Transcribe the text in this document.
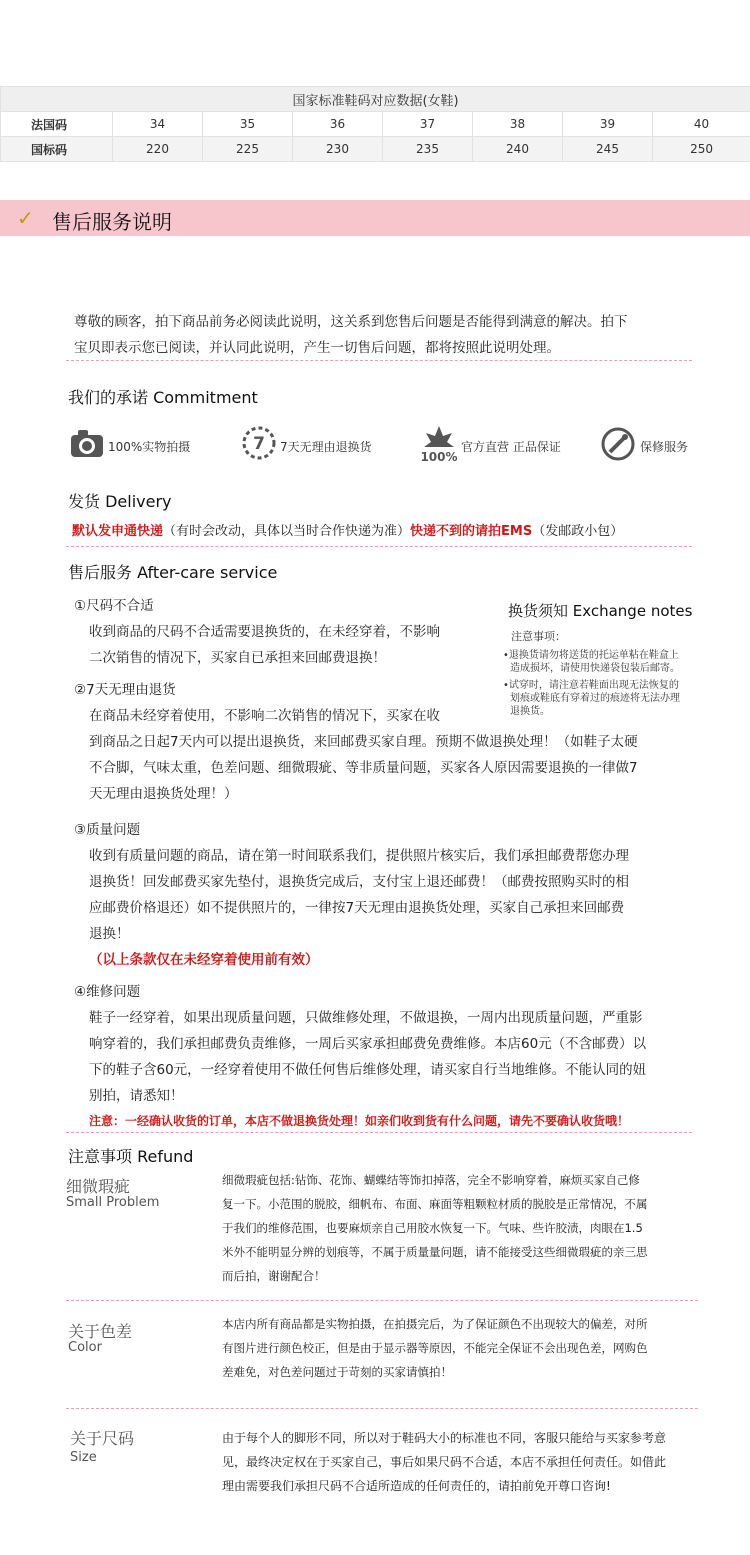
国家标准鞋码对应数据(女鞋)							
法国码	34	35	36	37	38	39	40
国标码	220	225	230	235	240	245	250
✓ 售后服务说明
尊敬的顾客，拍下商品前务必阅读此说明，这关系到您售后问题是否能得到满意的解决。拍下
宝贝即表示您已阅读，并认同此说明，产生一切售后问题，都将按照此说明处理。
我们的承诺 Commitment
100%实物拍摄	7 7天无理由退换货
100%
官方直营 正品保证	保修服务
发货 Delivery
默认发申通快递（有时会改动，具体以当时合作快递为准）快递不到的请拍EMS（发邮政小包）
售后服务 After-care service
①尺码不合适
收到商品的尺码不合适需要退换货的，在未经穿着，不影响
二次销售的情况下，买家自已承担来回邮费退换！
②7天无理由退货
在商品未经穿着使用，不影响二次销售的情况下，买家在收
到商品之日起7天内可以提出退换货，来回邮费买家自理。预期不做退换处理！（如鞋子太硬
不合脚，气味太重，色差问题、细微瑕疵、等非质量问题，买家各人原因需要退换的一律做7
天无理由退换货处理！）
③质量问题
收到有质量问题的商品，请在第一时间联系我们，提供照片核实后，我们承担邮费帮您办理
退换货！回发邮费买家先垫付，退换货完成后，支付宝上退还邮费！（邮费按照购买时的相
应邮费价格退还）如不提供照片的，一律按7天无理由退换货处理，买家自己承担来回邮费
退换！
（以上条款仅在未经穿着使用前有效）
④维修问题
鞋子一经穿着，如果出现质量问题，只做维修处理，不做退换，一周内出现质量问题，严重影
响穿着的，我们承担邮费负责维修，一周后买家承担邮费免费维修。本店60元（不含邮费）以
下的鞋子含60元，一经穿着使用不做任何售后维修处理，请买家自行当地维修。不能认同的妞
别拍，请悉知！
注意：一经确认收货的订单，本店不做退换货处理！如亲们收到货有什么问题，请先不要确认收货哦！
换货须知 Exchange notes
注意事项：
•退换货请勿将送货的托运单粘在鞋盒上
造成损坏，请使用快递袋包装后邮寄。
•试穿时，请注意若鞋面出现无法恢复的
划痕或鞋底有穿着过的痕迹将无法办理
退换货。
注意事项 Refund
细微瑕疵
Small Problem
细微瑕疵包括:钻饰、花饰、蝴蝶结等饰扣掉落，完全不影响穿着，麻烦买家自己修
复一下。小范围的脱胶，细帆布、布面、麻面等粗颗粒材质的脱胶是正常情况，不属
于我们的维修范围，也要麻烦亲自己用胶水恢复一下。气味、些许胶渍，肉眼在1.5
米外不能明显分辨的划痕等，不属于质量量问题，请不能接受这些细微瑕疵的亲三思
而后拍，谢谢配合！
关于色差
Color
本店内所有商品都是实物拍摄，在拍摄完后，为了保证颜色不出现较大的偏差，对所
有图片进行颜色校正，但是由于显示器等原因，不能完全保证不会出现色差，网购色
差难免，对色差问题过于苛刻的买家请慎拍！
关于尺码
Size
由于每个人的脚形不同，所以对于鞋码大小的标准也不同，客服只能给与买家参考意
见，最终决定权在于买家自己，事后如果尺码不合适，本店不承担任何责任。如借此
理由需要我们承担尺码不合适所造成的任何责任的，请拍前免开尊口咨询!
